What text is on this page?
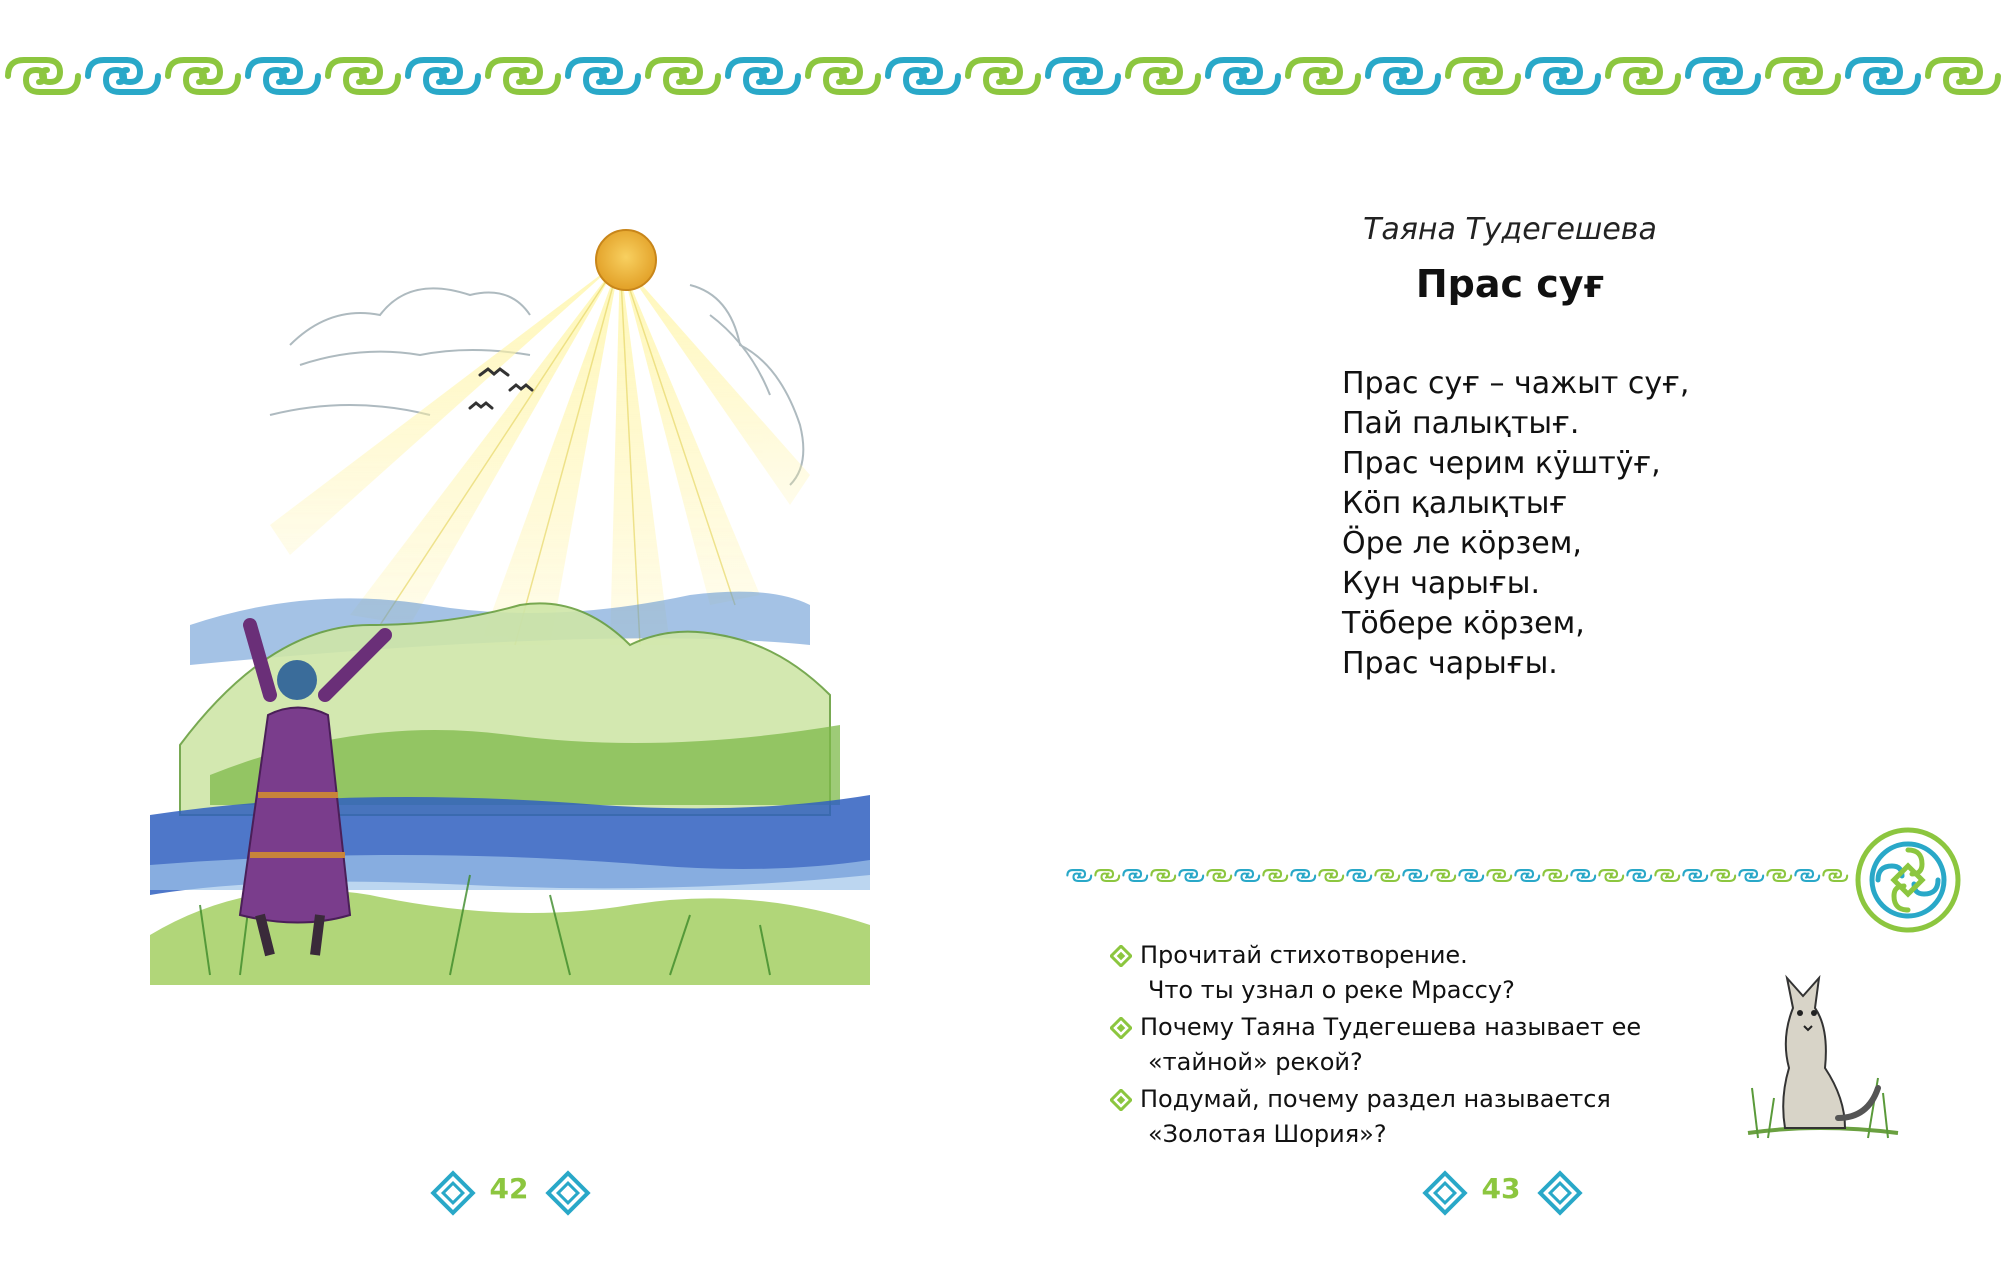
Таяна Тудегешева
Прас суғ
Прас суғ – чажыт суғ,
Пай палықтығ.
Прас черим кӱштӱғ,
Кӧп қалықтығ
Ӧре ле кӧрзем,
Кун чарығы.
Тӧбере кӧрзем,
Прас чарығы.
Прочитай стихотворение.
Что ты узнал о реке Мрассу?
Почему Таяна Тудегешева называет ее
«тайной» рекой?
Подумай, почему раздел называется
«Золотая Шория»?
42	43
